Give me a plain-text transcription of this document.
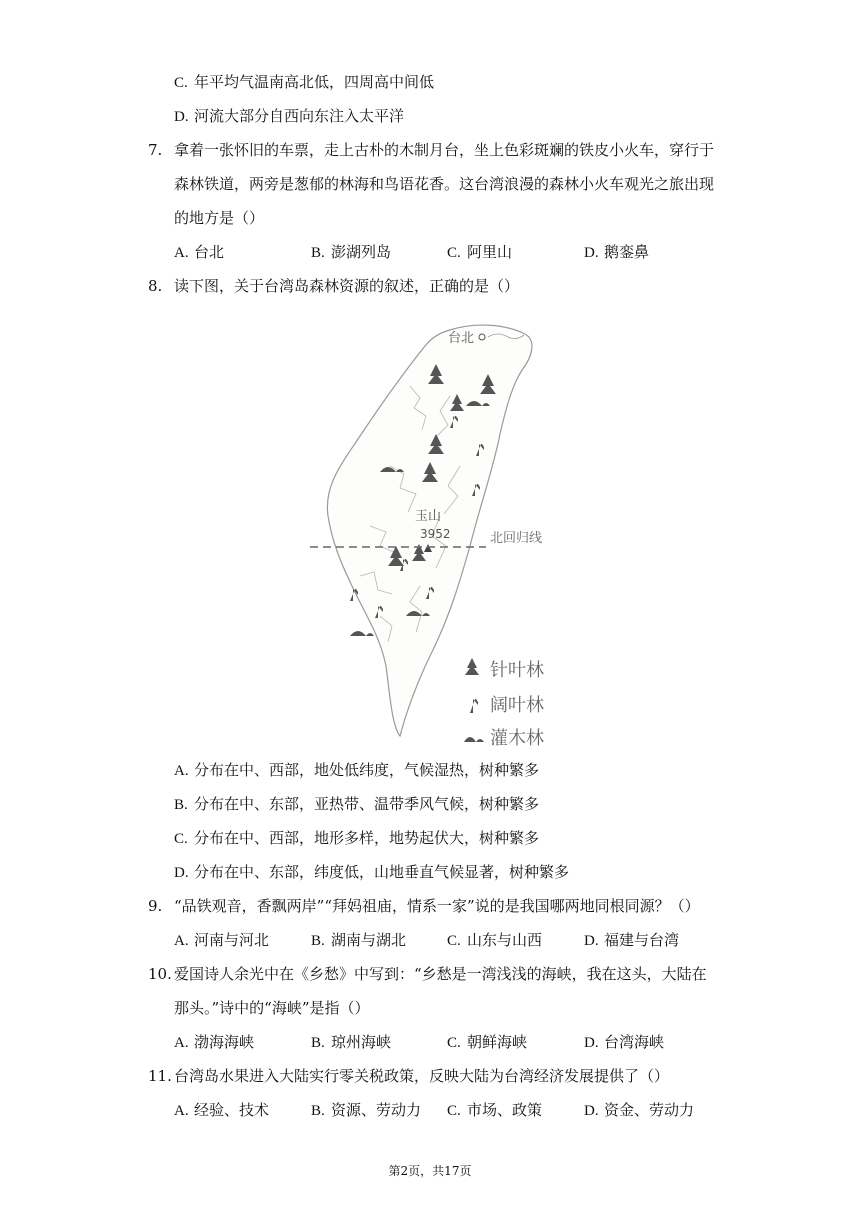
C. 年平均气温南高北低，四周高中间低
D. 河流大部分自西向东注入太平洋
7. 拿着一张怀旧的车票，走上古朴的木制月台，坐上色彩斑斓的铁皮小火车，穿行于
森林铁道，两旁是葱郁的林海和鸟语花香。这台湾浪漫的森林小火车观光之旅出现
的地方是（）
A. 台北	B. 澎湖列岛	C. 阿里山	D. 鹅銮鼻
8. 读下图，关于台湾岛森林资源的叙述，正确的是（）
台北
玉山
3952	北回归线
针叶林
阔叶林
灌木林
A. 分布在中、西部，地处低纬度，气候湿热，树种繁多
B. 分布在中、东部，亚热带、温带季风气候，树种繁多
C. 分布在中、西部，地形多样，地势起伏大，树种繁多
D. 分布在中、东部，纬度低，山地垂直气候显著，树种繁多
9. “品铁观音，香飘两岸”“拜妈祖庙，情系一家”说的是我国哪两地同根同源？（）
A. 河南与河北	B. 湖南与湖北	C. 山东与山西	D. 福建与台湾
10. 爱国诗人余光中在《乡愁》中写到：“乡愁是一湾浅浅的海峡，我在这头，大陆在
那头。”诗中的“海峡”是指（）
A. 渤海海峡	B. 琼州海峡	C. 朝鲜海峡	D. 台湾海峡
11. 台湾岛水果进入大陆实行零关税政策，反映大陆为台湾经济发展提供了（）
A. 经验、技术	B. 资源、劳动力 C. 市场、政策	D. 资金、劳动力
第2页，共17页
